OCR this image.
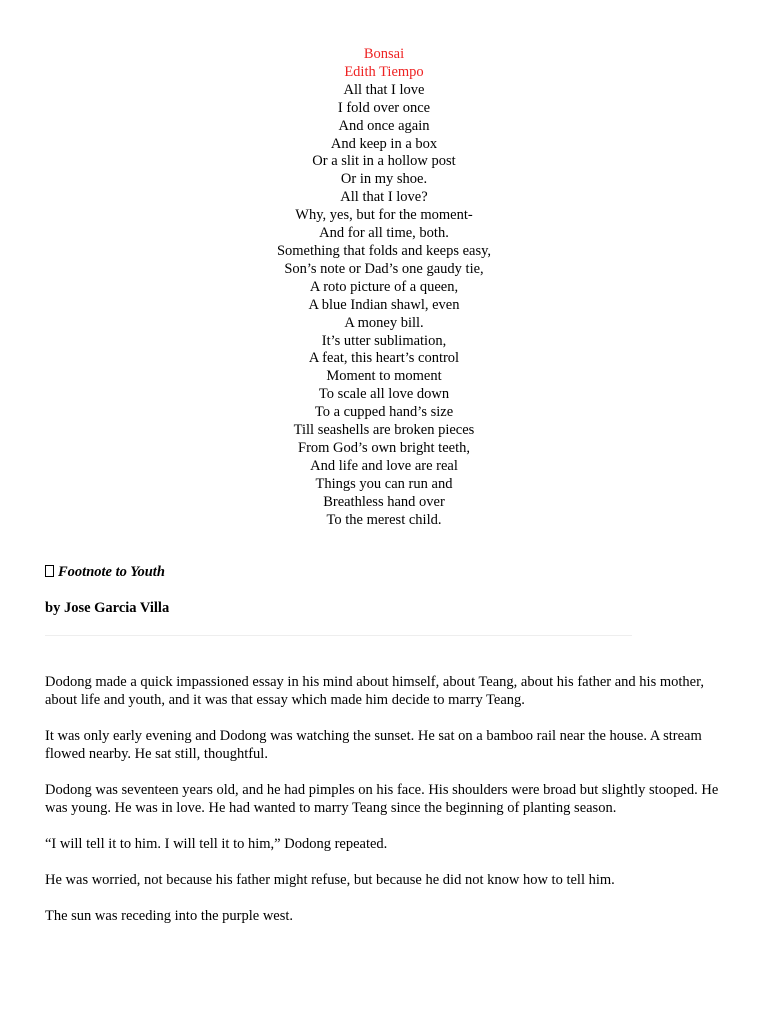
Bonsai
Edith Tiempo
All that I love
I fold over once
And once again
And keep in a box
Or a slit in a hollow post
Or in my shoe.
All that I love?
Why, yes, but for the moment-
And for all time, both.
Something that folds and keeps easy,
Son’s note or Dad’s one gaudy tie,
A roto picture of a queen,
A blue Indian shawl, even
A money bill.
It’s utter sublimation,
A feat, this heart’s control
Moment to moment
To scale all love down
To a cupped hand’s size
Till seashells are broken pieces
From God’s own bright teeth,
And life and love are real
Things you can run and
Breathless hand over
To the merest child.
Footnote to Youth
by Jose Garcia Villa

Dodong made a quick impassioned essay in his mind about himself, about Teang, about his father and his mother, about life and youth, and it was that essay which made him decide to marry Teang.

It was only early evening and Dodong was watching the sunset. He sat on a bamboo rail near the house. A stream flowed nearby. He sat still, thoughtful.

Dodong was seventeen years old, and he had pimples on his face. His shoulders were broad but slightly stooped. He was young. He was in love. He had wanted to marry Teang since the beginning of planting season.

“I will tell it to him. I will tell it to him,” Dodong repeated.

He was worried, not because his father might refuse, but because he did not know how to tell him.

The sun was receding into the purple west.
